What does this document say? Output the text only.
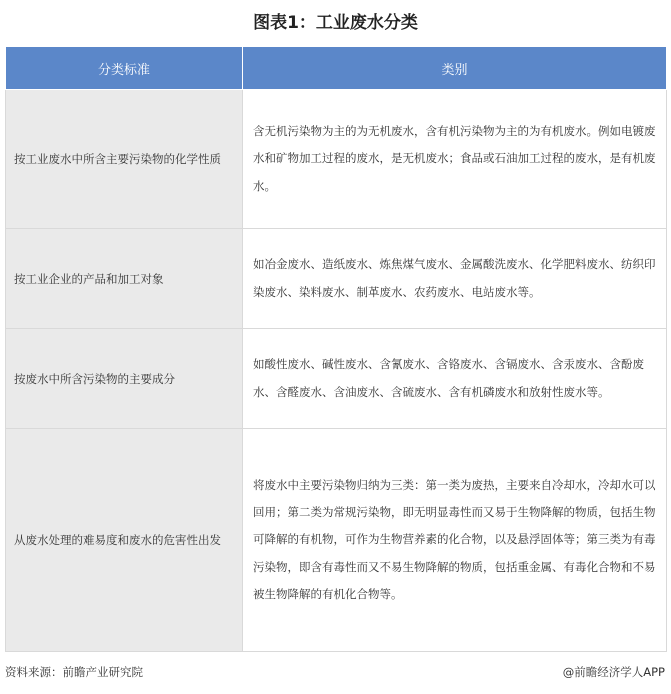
图表1：工业废水分类
分类标准	类别
按工业废水中所含主要污染物的化学性质	含无机污染物为主的为无机废水，含有机污染物为主的为有机废水。例如电镀废水和矿物加工过程的废水，是无机废水；食品或石油加工过程的废水，是有机废水。
按工业企业的产品和加工对象	如冶金废水、造纸废水、炼焦煤气废水、金属酸洗废水、化学肥料废水、纺织印染废水、染料废水、制革废水、农药废水、电站废水等。
按废水中所含污染物的主要成分	如酸性废水、碱性废水、含氰废水、含铬废水、含镉废水、含汞废水、含酚废水、含醛废水、含油废水、含硫废水、含有机磷废水和放射性废水等。
从废水处理的难易度和废水的危害性出发	将废水中主要污染物归纳为三类：第一类为废热，主要来自冷却水，冷却水可以回用；第二类为常规污染物，即无明显毒性而又易于生物降解的物质，包括生物可降解的有机物，可作为生物营养素的化合物，以及悬浮固体等；第三类为有毒污染物，即含有毒性而又不易生物降解的物质，包括重金属、有毒化合物和不易被生物降解的有机化合物等。
资料来源：前瞻产业研究院	@前瞻经济学人APP
